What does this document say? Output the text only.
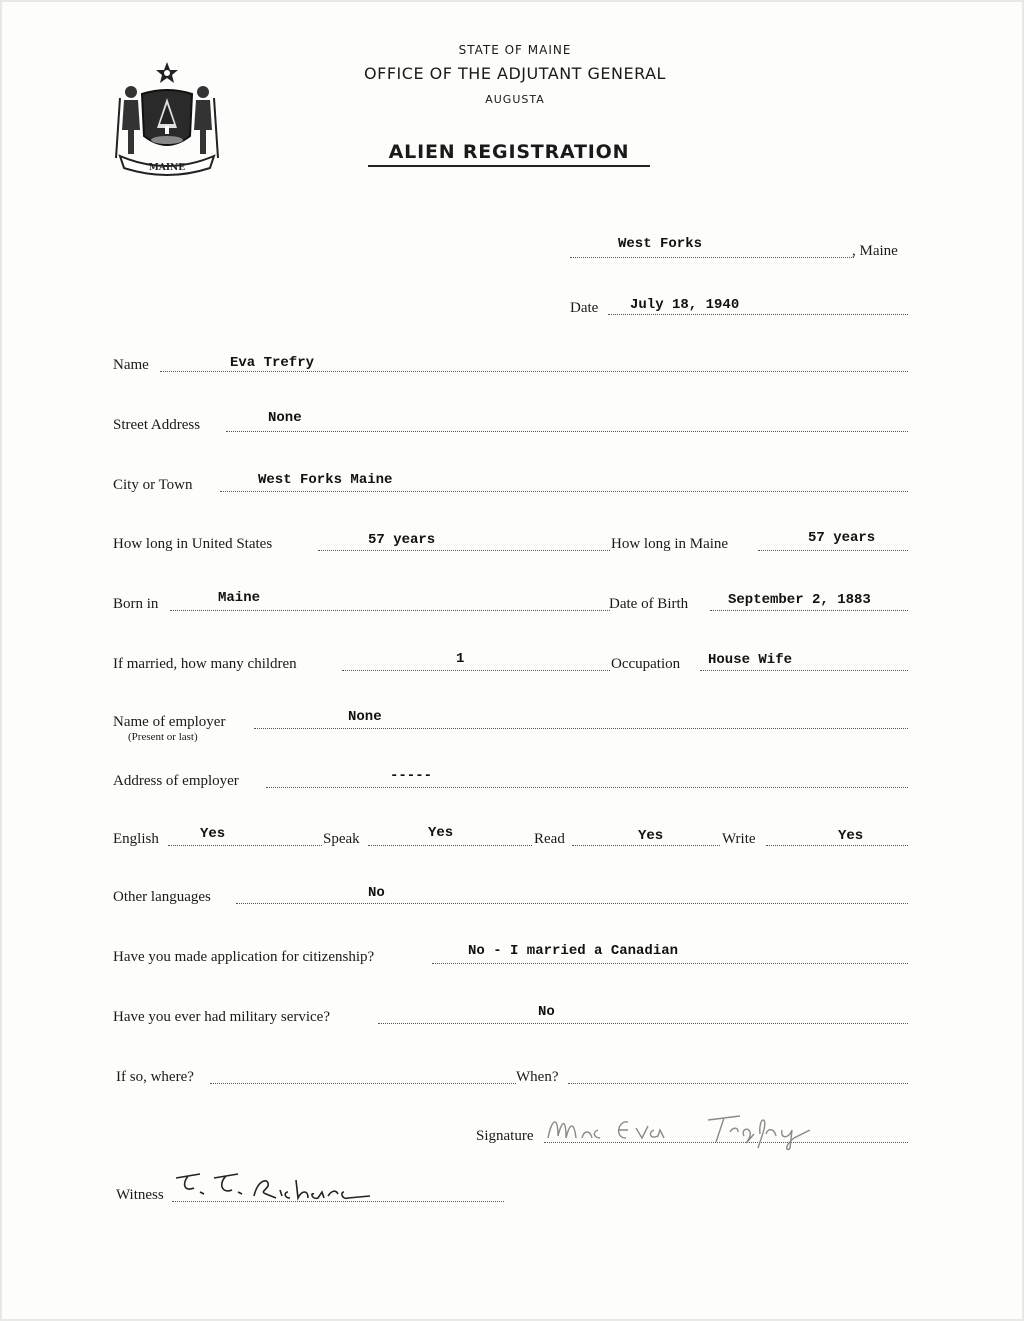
MAINE
STATE OF MAINE
OFFICE OF THE ADJUTANT GENERAL
AUGUSTA
ALIEN REGISTRATION
West Forks	, Maine
Date July 18, 1940
Name	Eva Trefry
Street Address	None
City or Town	West Forks Maine
How long in United States	57 years	How long in Maine	57 years
Born in	Maine	Date of Birth	September 2, 1883
If married, how many children	1	Occupation House Wife
Name of employer
(Present or last)
None
Address of employer	-----
English	Yes	Speak	Yes	Read	Yes	Write	Yes
Other languages	No
Have you made application for citizenship?	No - I married a Canadian
Have you ever had military service?	No
If so, where?	When?
Signature
Witness
